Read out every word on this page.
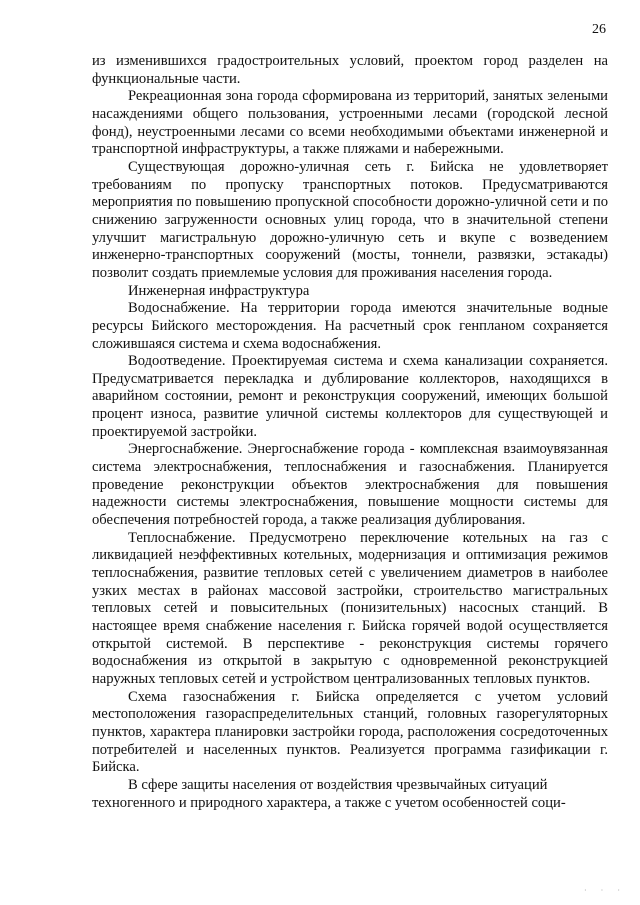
26

из изменившихся градостроительных условий, проектом город разделен на функциональные части.

Рекреационная зона города сформирована из территорий, занятых зелеными насаждениями общего пользования, устроенными лесами (городской лесной фонд), неустроенными лесами со всеми необходимыми объектами инженерной и транспортной инфраструктуры, а также пляжами и набережными.

Существующая дорожно-уличная сеть г. Бийска не удовлетворяет требованиям по пропуску транспортных потоков. Предусматриваются мероприятия по повышению пропускной способности дорожно-уличной сети и по снижению загруженности основных улиц города, что в значительной степени улучшит магистральную дорожно-уличную сеть и вкупе с возведением инженерно-транспортных сооружений (мосты, тоннели, развязки, эстакады) позволит создать приемлемые условия для проживания населения города.

Инженерная инфраструктура

Водоснабжение. На территории города имеются значительные водные ресурсы Бийского месторождения. На расчетный срок генпланом сохраняется сложившаяся система и схема водоснабжения.

Водоотведение. Проектируемая система и схема канализации сохраняется. Предусматривается перекладка и дублирование коллекторов, находящихся в аварийном состоянии, ремонт и реконструкция сооружений, имеющих большой процент износа, развитие уличной системы коллекторов для существующей и проектируемой застройки.

Энергоснабжение. Энергоснабжение города - комплексная взаимоувязанная система электроснабжения, теплоснабжения и газоснабжения. Планируется проведение реконструкции объектов электроснабжения для повышения надежности системы электроснабжения, повышение мощности системы для обеспечения потребностей города, а также реализация дублирования.

Теплоснабжение. Предусмотрено переключение котельных на газ с ликвидацией неэффективных котельных, модернизация и оптимизация режимов теплоснабжения, развитие тепловых сетей с увеличением диаметров в наиболее узких местах в районах массовой застройки, строительство магистральных тепловых сетей и повысительных (понизительных) насосных станций. В настоящее время снабжение населения г. Бийска горячей водой осуществляется открытой системой. В перспективе - реконструкция системы горячего водоснабжения из открытой в закрытую с одновременной реконструкцией наружных тепловых сетей и устройством централизованных тепловых пунктов.

Схема газоснабжения г. Бийска определяется с учетом условий местоположения газораспределительных станций, головных газорегуляторных пунктов, характера планировки застройки города, расположения сосредоточенных потребителей и населенных пунктов. Реализуется программа газификации г. Бийска.

В сфере защиты населения от воздействия чрезвычайных ситуаций техногенного и природного характера, а также с учетом особенностей соци-

· · ·
